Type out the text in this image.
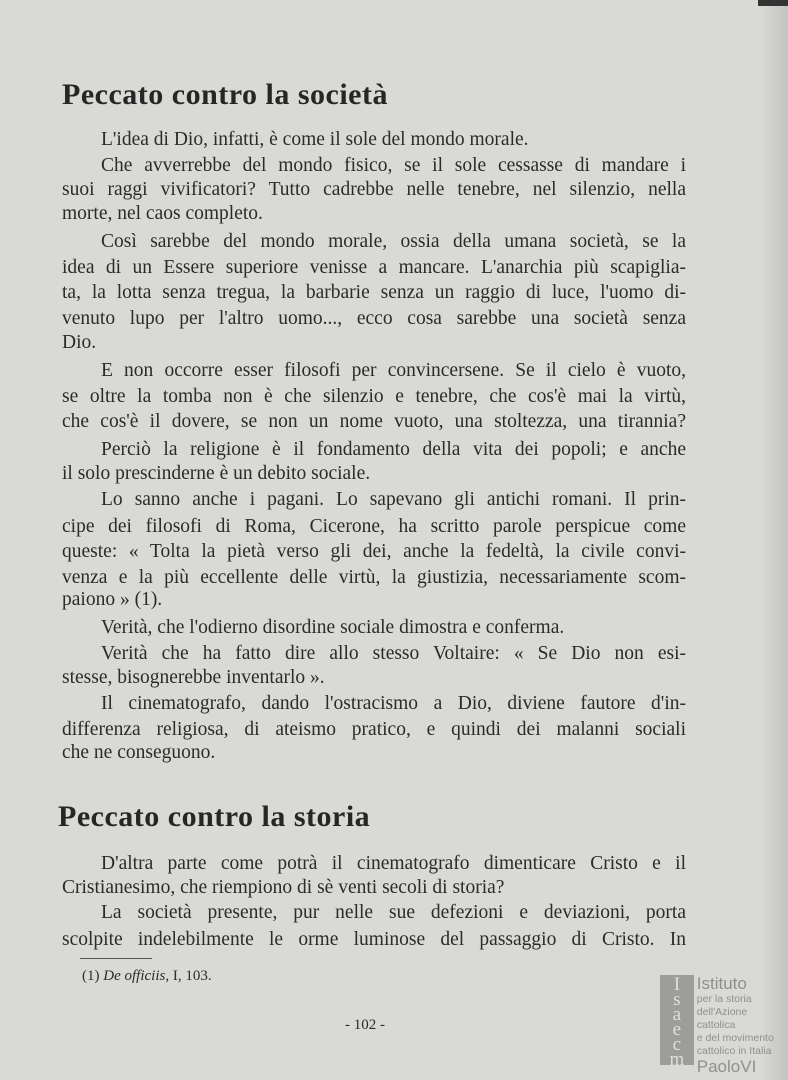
Peccato contro la società
L'idea di Dio, infatti, è come il sole del mondo morale.
Che avverrebbe del mondo fisico, se il sole cessasse di mandare i
suoi raggi vivificatori? Tutto cadrebbe nelle tenebre, nel silenzio, nella
morte, nel caos completo.
Così sarebbe del mondo morale, ossia della umana società, se la
idea di un Essere superiore venisse a mancare. L'anarchia più scapiglia-
ta, la lotta senza tregua, la barbarie senza un raggio di luce, l'uomo di-
venuto lupo per l'altro uomo..., ecco cosa sarebbe una società senza
Dio.
E non occorre esser filosofi per convincersene. Se il cielo è vuoto,
se oltre la tomba non è che silenzio e tenebre, che cos'è mai la virtù,
che cos'è il dovere, se non un nome vuoto, una stoltezza, una tirannia?
Perciò la religione è il fondamento della vita dei popoli; e anche
il solo prescinderne è un debito sociale.
Lo sanno anche i pagani. Lo sapevano gli antichi romani. Il prin-
cipe dei filosofi di Roma, Cicerone, ha scritto parole perspicue come
queste: « Tolta la pietà verso gli dei, anche la fedeltà, la civile convi-
venza e la più eccellente delle virtù, la giustizia, necessariamente scom-
paiono » (1).
Verità, che l'odierno disordine sociale dimostra e conferma.
Verità che ha fatto dire allo stesso Voltaire: « Se Dio non esi-
stesse, bisognerebbe inventarlo ».
Il cinematografo, dando l'ostracismo a Dio, diviene fautore d'in-
differenza religiosa, di ateismo pratico, e quindi dei malanni sociali
che ne conseguono.
Peccato contro la storia
D'altra parte come potrà il cinematografo dimenticare Cristo e il
Cristianesimo, che riempiono di sè venti secoli di storia?
La società presente, pur nelle sue defezioni e deviazioni, porta
scolpite indelebilmente le orme luminose del passaggio di Cristo. In
(1) De officiis, I, 103.
- 102 -
I
s
a
e
c
m
Istituto
per la storia
dell'Azione cattolica
e del movimento
cattolico in Italia
PaoloVI
